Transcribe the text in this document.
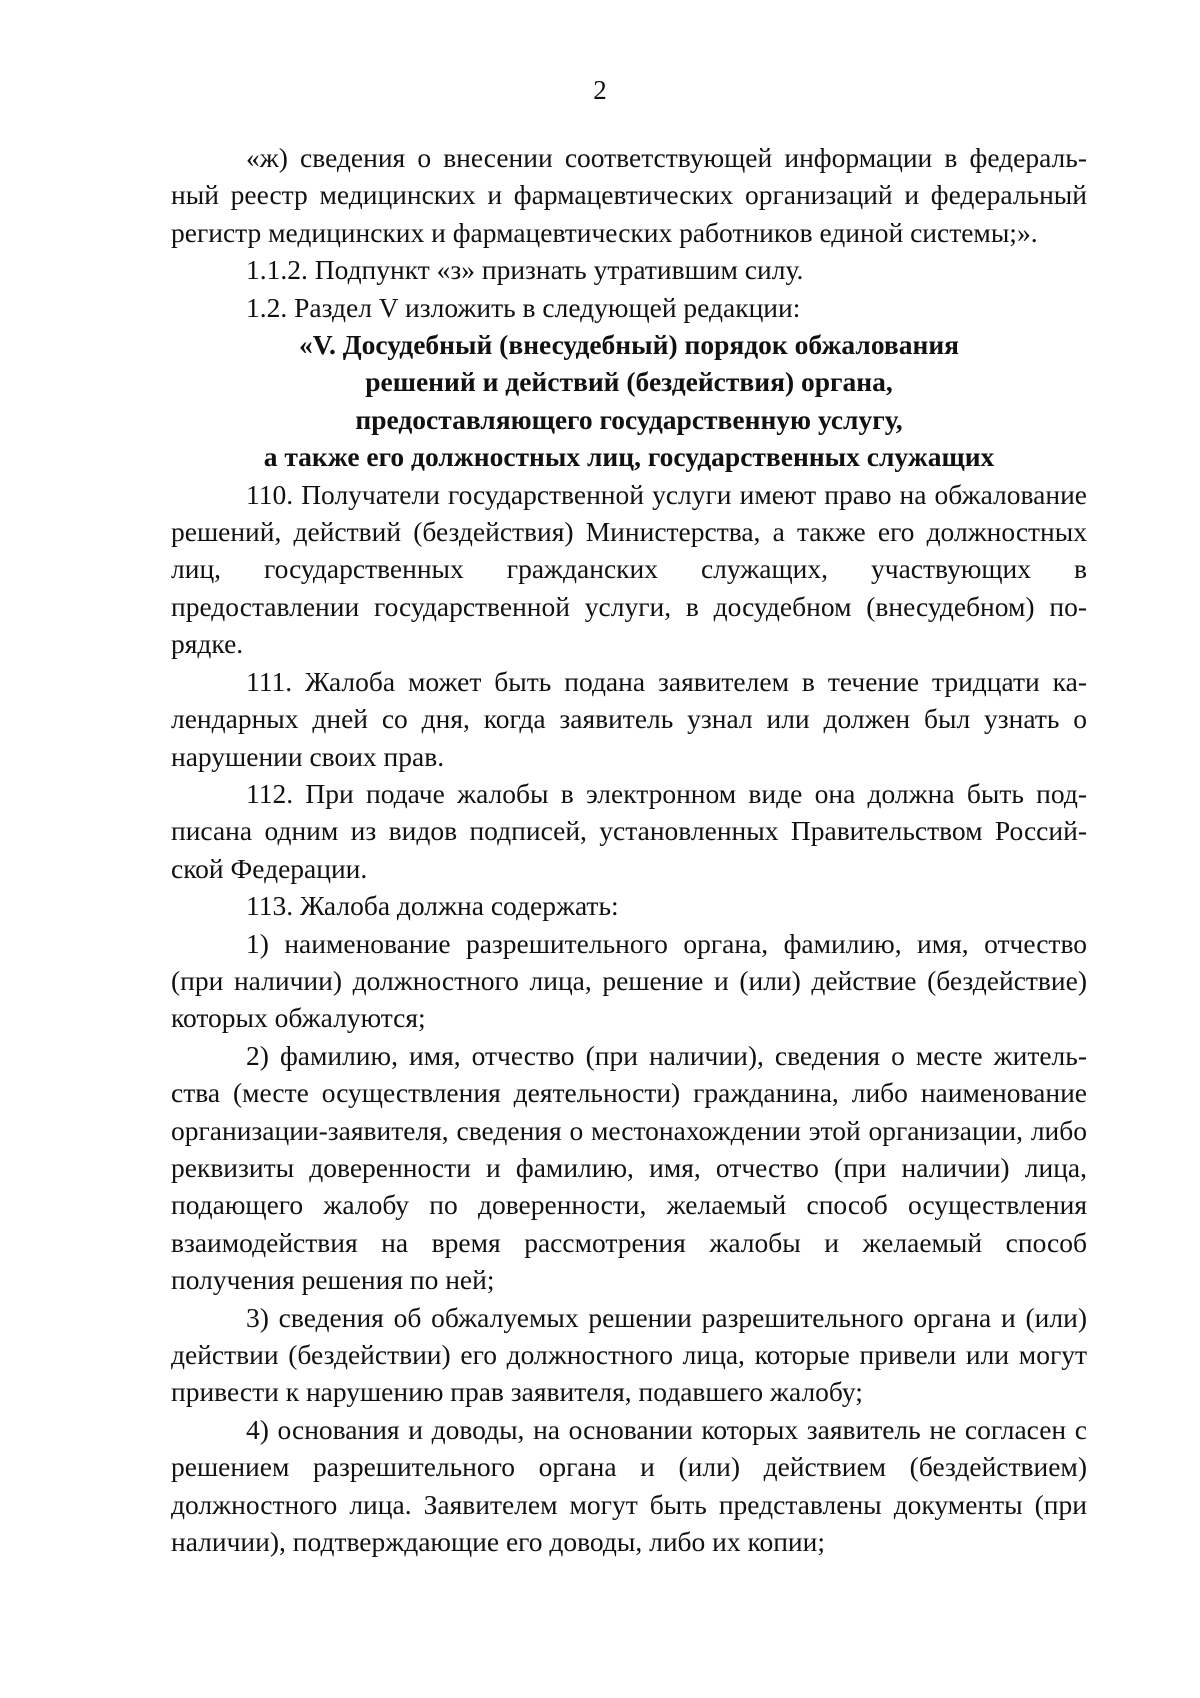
2

«ж) сведения о внесении соответствующей информации в федеральный реестр медицинских и фармацевтических организаций и федеральный регистр медицинских и фармацевтических работников единой системы;».

1.1.2. Подпункт «з» признать утратившим силу.

1.2. Раздел V изложить в следующей редакции:

«V. Досудебный (внесудебный) порядок обжалования
решений и действий (бездействия) органа,
предоставляющего государственную услугу,
а также его должностных лиц, государственных служащих

110. Получатели государственной услуги имеют право на обжалование решений, действий (бездействия) Министерства, а также его должностных лиц, государственных гражданских служащих, участвующих в предоставлении государственной услуги, в досудебном (внесудебном) порядке.

111. Жалоба может быть подана заявителем в течение тридцати календарных дней со дня, когда заявитель узнал или должен был узнать о нарушении своих прав.

112. При подаче жалобы в электронном виде она должна быть подписана одним из видов подписей, установленных Правительством Российской Федерации.

113. Жалоба должна содержать:

1) наименование разрешительного органа, фамилию, имя, отчество (при наличии) должностного лица, решение и (или) действие (бездействие) которых обжалуются;

2) фамилию, имя, отчество (при наличии), сведения о месте жительства (месте осуществления деятельности) гражданина, либо наименование организации-заявителя, сведения о местонахождении этой организации, либо реквизиты доверенности и фамилию, имя, отчество (при наличии) лица, подающего жалобу по доверенности, желаемый способ осуществления взаимодействия на время рассмотрения жалобы и желаемый способ получения решения по ней;

3) сведения об обжалуемых решении разрешительного органа и (или) действии (бездействии) его должностного лица, которые привели или могут привести к нарушению прав заявителя, подавшего жалобу;

4) основания и доводы, на основании которых заявитель не согласен с решением разрешительного органа и (или) действием (бездействием) должностного лица. Заявителем могут быть представлены документы (при наличии), подтверждающие его доводы, либо их копии;
